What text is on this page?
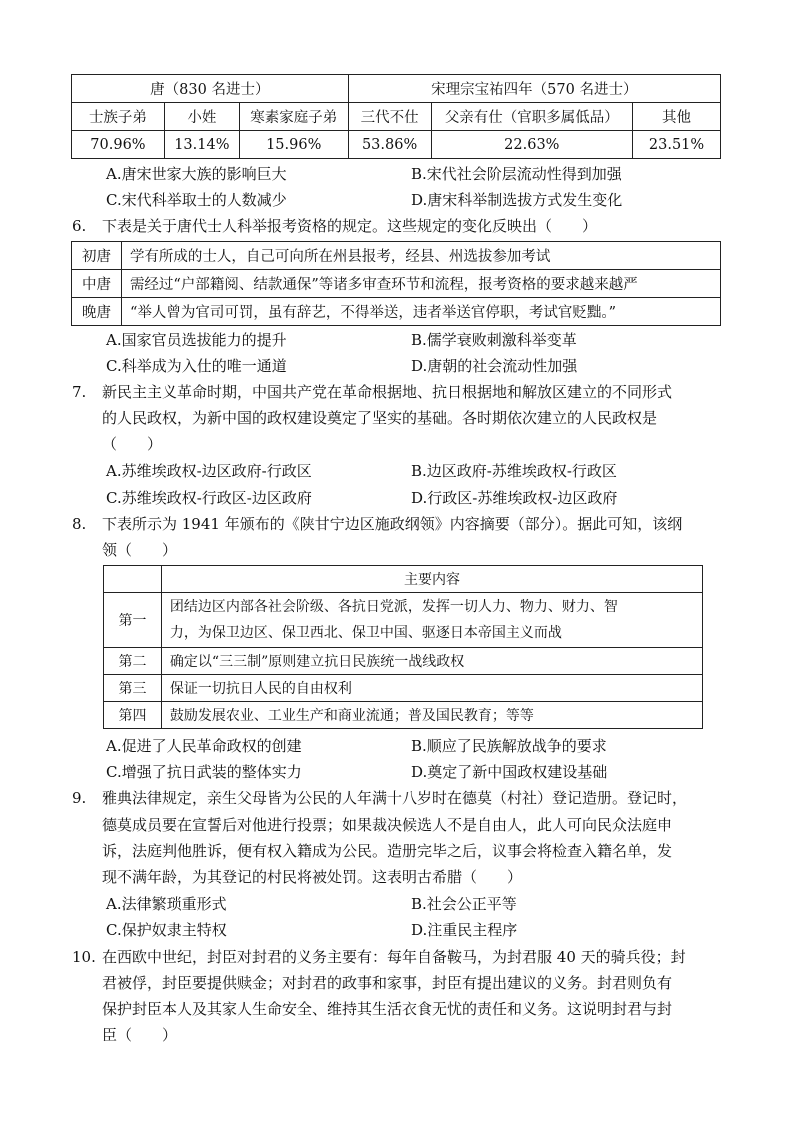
唐（830 名进士）			宋理宗宝祐四年（570 名进士）		
士族子弟	小姓	寒素家庭子弟	三代不仕	父亲有仕（官职多属低品）	其他
70.96%	13.14%	15.96%	53.86%	22.63%	23.51%
A.唐宋世家大族的影响巨大	B.宋代社会阶层流动性得到加强
C.宋代科举取士的人数减少	D.唐宋科举制选拔方式发生变化
6. 下表是关于唐代士人科举报考资格的规定。这些规定的变化反映出（　　）
初唐	学有所成的士人，自己可向所在州县报考，经县、州选拔参加考试
中唐	需经过“户部籍阅、结款通保”等诸多审查环节和流程，报考资格的要求越来越严
晚唐	“举人曾为官司可罚，虽有辞艺，不得举送，违者举送官停职，考试官贬黜。”
A.国家官员选拔能力的提升	B.儒学衰败刺激科举变革
C.科举成为入仕的唯一通道	D.唐朝的社会流动性加强
7. 新民主主义革命时期，中国共产党在革命根据地、抗日根据地和解放区建立的不同形式
的人民政权，为新中国的政权建设奠定了坚实的基础。各时期依次建立的人民政权是
（　　）
A.苏维埃政权-边区政府-行政区	B.边区政府-苏维埃政权-行政区
C.苏维埃政权-行政区-边区政府	D.行政区-苏维埃政权-边区政府
8. 下表所示为 1941 年颁布的《陕甘宁边区施政纲领》内容摘要（部分）。据此可知，该纲
领（　　）
	主要内容
第一	团结边区内部各社会阶级、各抗日党派，发挥一切人力、物力、财力、智
力，为保卫边区、保卫西北、保卫中国、驱逐日本帝国主义而战

第二	确定以“三三制”原则建立抗日民族统一战线政权
第三	保证一切抗日人民的自由权利
第四	鼓励发展农业、工业生产和商业流通；普及国民教育；等等
A.促进了人民革命政权的创建	B.顺应了民族解放战争的要求
C.增强了抗日武装的整体实力	D.奠定了新中国政权建设基础
9. 雅典法律规定，亲生父母皆为公民的人年满十八岁时在德莫（村社）登记造册。登记时，
德莫成员要在宣誓后对他进行投票；如果裁决候选人不是自由人，此人可向民众法庭申
诉，法庭判他胜诉，便有权入籍成为公民。造册完毕之后，议事会将检查入籍名单，发
现不满年龄，为其登记的村民将被处罚。这表明古希腊（　　）
A.法律繁琐重形式	B.社会公正平等
C.保护奴隶主特权	D.注重民主程序
10. 在西欧中世纪，封臣对封君的义务主要有：每年自备鞍马，为封君服 40 天的骑兵役；封
君被俘，封臣要提供赎金；对封君的政事和家事，封臣有提出建议的义务。封君则负有
保护封臣本人及其家人生命安全、维持其生活衣食无忧的责任和义务。这说明封君与封
臣（　　）
